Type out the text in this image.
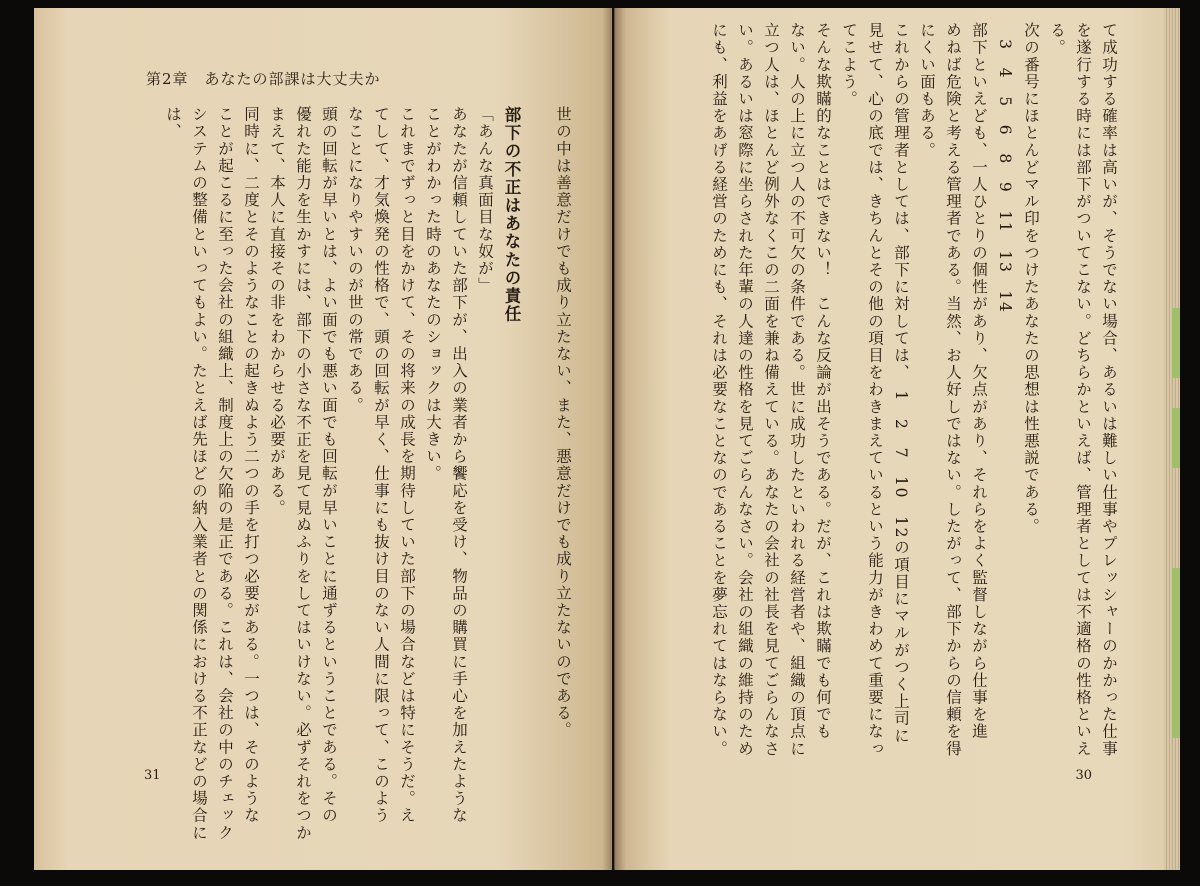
第2章　あなたの部課は大丈夫か
世の中は善意だけでも成り立たない、また、悪意だけでも成り立たないのである。

部下の不正はあなたの責任
「あんな真面目な奴が」
あなたが信頼していた部下が、出入の業者から饗応を受け、物品の購買に手心を加えたような
ことがわかった時のあなたのショックは大きい。
これまでずっと目をかけて、その将来の成長を期待していた部下の場合などは特にそうだ。え
てして、才気煥発の性格で、頭の回転が早く、仕事にも抜け目のない人間に限って、このよう
なことになりやすいのが世の常である。
頭の回転が早いとは、よい面でも悪い面でも回転が早いことに通ずるということである。その
優れた能力を生かすには、部下の小さな不正を見て見ぬふりをしてはいけない。必ずそれをつか
まえて、本人に直接その非をわからせる必要がある。
同時に、二度とそのようなことの起きぬよう二つの手を打つ必要がある。一つは、そのような
ことが起こるに至った会社の組織上、制度上の欠陥の是正である。これは、会社の中のチェック
システムの整備といってもよい。たとえば先ほどの納入業者との関係における不正などの場合に
は、
31
て成功する確率は高いが、そうでない場合、あるいは難しい仕事やプレッシャーのかかった仕事
を遂行する時には部下がついてこない。どちらかといえば、管理者としては不適格の性格といえ
る。
次の番号にほとんどマル印をつけたあなたの思想は性悪説である。
　3　4　5　6　8　9　11　13　14
部下といえども、一人ひとりの個性があり、欠点があり、それらをよく監督しながら仕事を進
めねば危険と考える管理者である。当然、お人好しではない。したがって、部下からの信頼を得
にくい面もある。
これからの管理者としては、部下に対しては、　1　2　7　10　12の項目にマルがつく上司に
見せて、心の底では、きちんとその他の項目をわきまえているという能力がきわめて重要になっ
てこよう。
そんな欺瞞的なことはできない！　こんな反論が出そうである。だが、これは欺瞞でも何でも
ない。人の上に立つ人の不可欠の条件である。世に成功したといわれる経営者や、組織の頂点に
立つ人は、ほとんど例外なくこの二面を兼ね備えている。あなたの会社の社長を見てごらんなさ
い。あるいは窓際に坐らされた年輩の人達の性格を見てごらんなさい。会社の組織の維持のため
にも、利益をあげる経営のためにも、それは必要なことなのであることを夢忘れてはならない。
30
